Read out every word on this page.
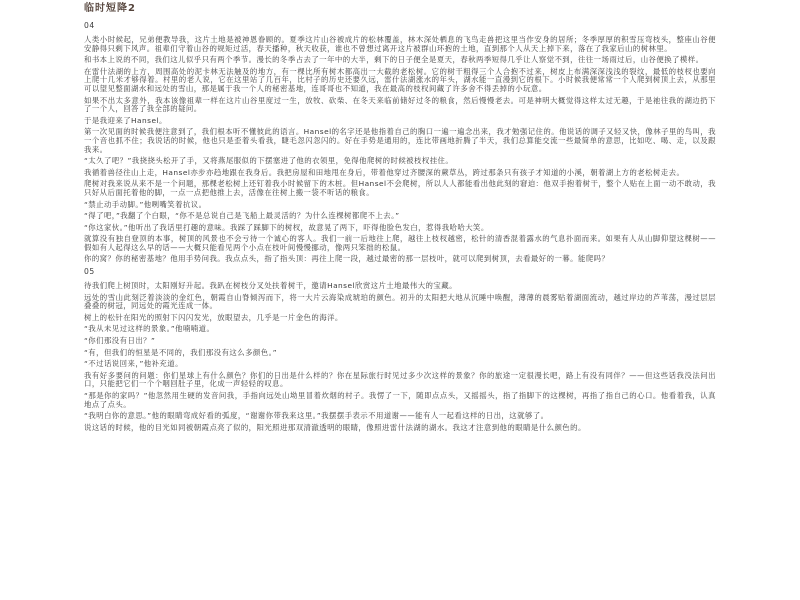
临时短降2
04

人类小时候起，兄弟便教导我，这片土地是被神恩眷顾的。夏季这片山谷被成片的松林覆盖，林木深处栖息的飞鸟走兽把这里当作安身的居所；冬季厚厚的积雪压弯枝头，整座山谷便安静得只剩下风声。祖辈们守着山谷的规矩过活，春天播种，秋天收获，谁也不曾想过离开这片被群山环抱的土地，直到那个人从天上掉下来，落在了我家后山的树林里。

和书本上说的不同，我们这儿似乎只有两个季节。漫长的冬季占去了一年中的大半，剩下的日子便全是夏天，春秋两季短得几乎让人察觉不到，往往一场雨过后，山谷便换了模样。

在雷什法湖的上方，周围高处的泥卡林无法触及的地方，有一棵比所有树木都高出一大截的老松树。它的树干粗得三个人合抱不过来，树皮上布满深深浅浅的裂纹，最低的枝杈也要向上爬十几米才够得着。村里的老人说，它在这里站了几百年，比村子的历史还要久远，雷什法湖涨水的年头，湖水能一直漫到它的根下。小时候我便常常一个人爬到树顶上去，从那里可以望见整面湖水和远处的雪山，那是属于我一个人的秘密基地，连哥哥也不知道，我在最高的枝杈间藏了许多舍不得丢掉的小玩意。

如果不出太多意外，我本该像祖辈一样在这片山谷里度过一生，放牧、砍柴、在冬天来临前储好过冬的粮食，然后慢慢老去。可是神明大概觉得这样太过无趣，于是祂往我的湖边扔下了一个人，回答了我全部的疑问。

于是我迎来了Hansel。

第一次见面的时候我便注意到了，我们根本听不懂彼此的语言。Hansel的名字还是他指着自己的胸口一遍一遍念出来，我才勉强记住的。他说话的调子又轻又快，像林子里的鸟叫，我一个音也抓不住；我说话的时候，他也只是歪着头看我，睫毛忽闪忽闪的。好在手势是通用的，连比带画地折腾了半天，我们总算能交流一些最简单的意思，比如吃、喝、走，以及跟我来。

“太久了吧？”我挠挠头松开了手，又将燕尾服似的下摆塞进了他的衣领里，免得他爬树的时候被枝杈挂住。

我循着兽径往山上走，Hansel亦步亦趋地跟在我身后。我把房屋和田地甩在身后，带着他穿过齐腰深的蕨草丛，跨过那条只有孩子才知道的小溪，朝着湖上方的老松树走去。

爬树对我来说从来不是一个问题，那棵老松树上还钉着我小时候留下的木桩。但Hansel不会爬树，所以人人都能看出他此刻的窘迫：他双手抱着树干，整个人贴在上面一动不敢动，我只好从后面托着他的脚，一点一点把他推上去，活像在往树上搬一袋不听话的粮食。

“禁止动手动脚。”他咧嘴笑着抗议。

“得了吧，”我翻了个白眼，“你不是总说自己是飞船上最灵活的？为什么连棵树都爬不上去。”

“你这家伙。”他听出了我话里打趣的意味。我踩了踩脚下的树杈，故意晃了两下，吓得他脸色发白，惹得我哈哈大笑。

就算没有独自登顶的本事，树顶的风景也不会亏待一个诚心的客人。我们一前一后地往上爬，越往上枝杈越密，松针的清香混着露水的气息扑面而来。如果有人从山脚仰望这棵树——假如有人起得这么早的话——大概只能看见两个小点在枝叶间慢慢挪动，像两只笨拙的松鼠。

你的窝？你的秘密基地？他用手势问我。我点点头，指了指头顶：再往上爬一段，越过最密的那一层枝叶，就可以爬到树顶，去看最好的一幕。能爬吗？

05

待我们爬上树顶时，太阳刚好升起。我趴在树枝分叉处扶着树干，邀请Hansel欣赏这片土地最伟大的宝藏。

远处的雪山此刻泛着淡淡的金红色，朝霞自山脊倾泻而下，将一大片云海染成琥珀的颜色。初升的太阳把大地从沉睡中唤醒，薄薄的晨雾贴着湖面流动，越过岸边的芦苇荡，漫过层层叠叠的树冠，同远处的霞光连成一体。

树上的松针在阳光的照射下闪闪发光，放眼望去，几乎是一片金色的海洋。

“我从未见过这样的景象。”他喃喃道。

“你们那没有日出？”

“有，但我们的恒星是不同的，我们那没有这么多颜色。”

“不过话说回来，”他补充道。

我有好多要问的问题：你们星球上有什么颜色？你们的日出是什么样的？你在星际旅行时见过多少次这样的景象？你的旅途一定很漫长吧，路上有没有同伴？——但这些话我没法问出口，只能把它们一个个咽回肚子里，化成一声轻轻的叹息。

“那是你的家吗？”他忽然用生硬的发音问我，手指向远处山坳里冒着炊烟的村子。我愣了一下，随即点点头，又摇摇头，指了指脚下的这棵树，再指了指自己的心口。他看着我，认真地点了点头。

“我明白你的意思。”他的眼睛弯成好看的弧度，“谢谢你带我来这里。”我摆摆手表示不用道谢——能有人一起看这样的日出，这就够了。

说这话的时候，他的目光如同被朝霞点亮了似的，阳光照进那双清澈透明的眼睛，像照进雷什法湖的湖水。我这才注意到他的眼睛是什么颜色的。
